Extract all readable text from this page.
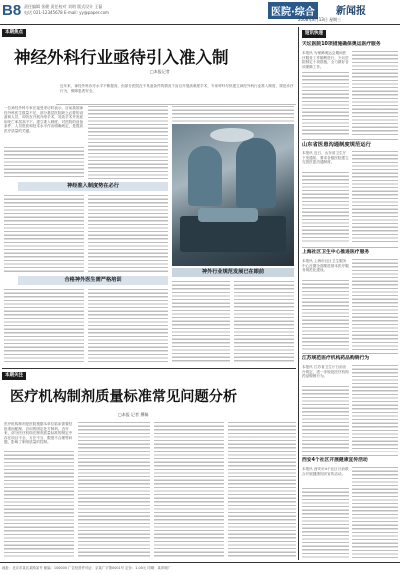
B8 责任编辑 张健 责任校对 刘明 版式设计 王磊
电话 021-12345678 E-mail: yy@paper.com	医院·综合	新闻报
2008年8月13日 星期三
本期焦点
神经外科行业亟待引入准入制
□本报记者
近年来，神经外科诊疗水平不断提高，但部分医院在不具备条件的情况下盲目开展高难度手术，专家呼吁尽快建立神经外科行业准入制度，规范诊疗行为，保障患者安全。
一位神经外科专家在接受采访时表示，目前我国神经外科医生数量不足，部分基层医院缺乏必要的设备和人员，却仍在开展开颅手术，导致手术并发症和死亡率居高不下。建立准入制度，对医院的设备条件、人员资质和技术水平作出明确规定，是提高医疗质量的关键。
神经准入制度势在必行
合格神外医生需严格培训
神外行业规范发展已在眼前
本期关注
医疗机构制剂质量标准常见问题分析
□本报 记者 撰稿
医疗机构制剂是医院根据本单位临床需要经批准而配制、自用的固定处方制剂。近年来，部分医疗机构在制剂质量标准的制定中存在项目不全、方法不当、限度不合理等问题，影响了制剂质量的控制。
短讯快递
天坛医院10项措施确保奥运医疗服务
本报讯 为保障奥运会期间医疗服务工作顺利进行，天坛医院制定十项措施，全力做好各项保障工作。
山东省医患沟通制度规范运行
本报讯 近日，山东省卫生厅下发通知，要求各级医院建立完善医患沟通制度。
上海社区卫生中心推进医疗服务
本报讯 上海市社区卫生服务中心近期全面推进基本医疗服务规范化建设。
江苏规范医疗机构药品购销行为
本报讯 江苏省卫生厅日前出台规定，进一步规范医疗机构药品购销行为。
西安4个社区开展健康宣传活动
本报讯 西安市4个社区日前联合开展健康知识宣传活动。
地址：北京市某区某路某号 邮编：100000 广告经营许可证：京某广字第0001号 定价：1.00元 印刷：某印刷厂
